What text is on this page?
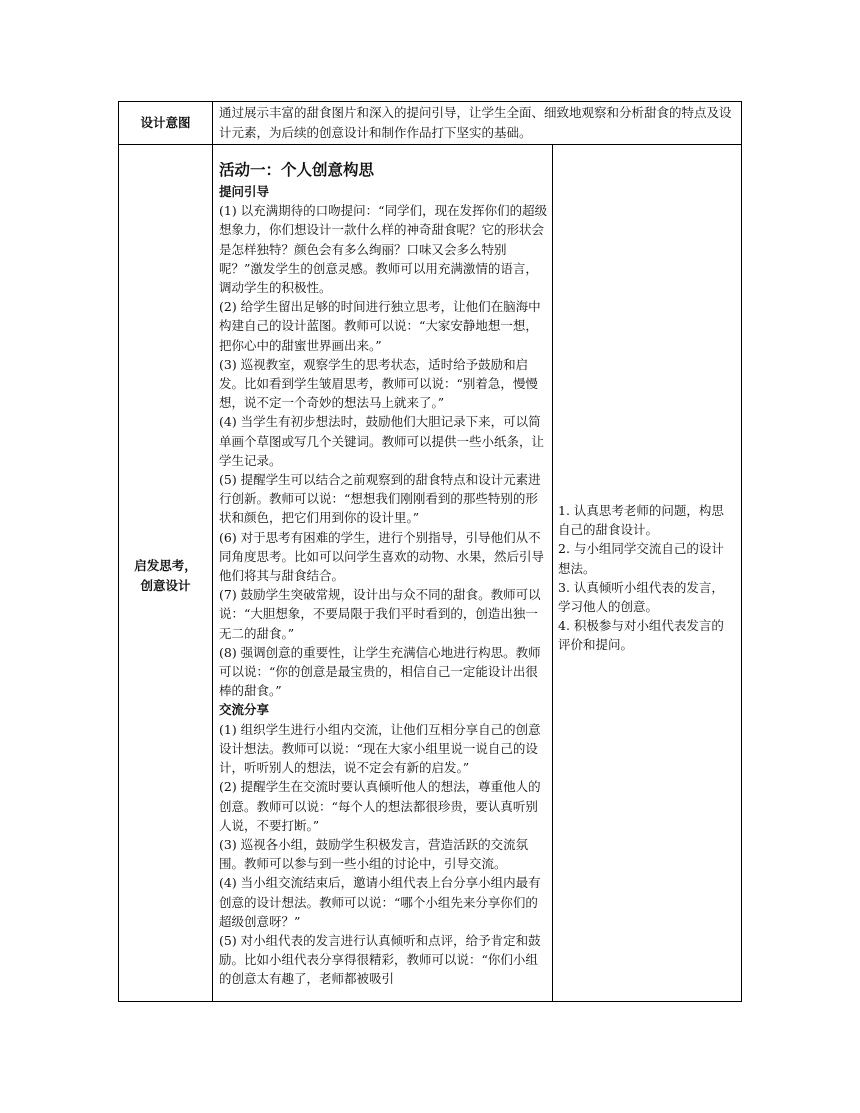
设计意图
通过展示丰富的甜食图片和深入的提问引导，让学生全面、细致地观察和分析甜食的特点及设计元素，为后续的创意设计和制作作品打下坚实的基础。
启发思考，
创意设计

活动一：个人创意构思

提问引导

(1) 以充满期待的口吻提问：“同学们，现在发挥你们的超级想象力，你们想设计一款什么样的神奇甜食呢？它的形状会是怎样独特？颜色会有多么绚丽？口味又会多么特别呢？”激发学生的创意灵感。教师可以用充满激情的语言，调动学生的积极性。

(2) 给学生留出足够的时间进行独立思考，让他们在脑海中构建自己的设计蓝图。教师可以说：“大家安静地想一想，把你心中的甜蜜世界画出来。”

(3) 巡视教室，观察学生的思考状态，适时给予鼓励和启发。比如看到学生皱眉思考，教师可以说：“别着急，慢慢想，说不定一个奇妙的想法马上就来了。”

(4) 当学生有初步想法时，鼓励他们大胆记录下来，可以简单画个草图或写几个关键词。教师可以提供一些小纸条，让学生记录。

(5) 提醒学生可以结合之前观察到的甜食特点和设计元素进行创新。教师可以说：“想想我们刚刚看到的那些特别的形状和颜色，把它们用到你的设计里。”

(6) 对于思考有困难的学生，进行个别指导，引导他们从不同角度思考。比如可以问学生喜欢的动物、水果，然后引导他们将其与甜食结合。

(7) 鼓励学生突破常规，设计出与众不同的甜食。教师可以说：“大胆想象，不要局限于我们平时看到的，创造出独一无二的甜食。”

(8) 强调创意的重要性，让学生充满信心地进行构思。教师可以说：“你的创意是最宝贵的，相信自己一定能设计出很棒的甜食。”

交流分享

(1) 组织学生进行小组内交流，让他们互相分享自己的创意设计想法。教师可以说：“现在大家小组里说一说自己的设计，听听别人的想法，说不定会有新的启发。”

(2) 提醒学生在交流时要认真倾听他人的想法，尊重他人的创意。教师可以说：“每个人的想法都很珍贵，要认真听别人说，不要打断。”

(3) 巡视各小组，鼓励学生积极发言，营造活跃的交流氛围。教师可以参与到一些小组的讨论中，引导交流。

(4) 当小组交流结束后，邀请小组代表上台分享小组内最有创意的设计想法。教师可以说：“哪个小组先来分享你们的超级创意呀？”

(5) 对小组代表的发言进行认真倾听和点评，给予肯定和鼓励。比如小组代表分享得很精彩，教师可以说：“你们小组的创意太有趣了，老师都被吸引

1. 认真思考老师的问题，构思自己的甜食设计。

2. 与小组同学交流自己的设计想法。

3. 认真倾听小组代表的发言，学习他人的创意。

4. 积极参与对小组代表发言的评价和提问。
